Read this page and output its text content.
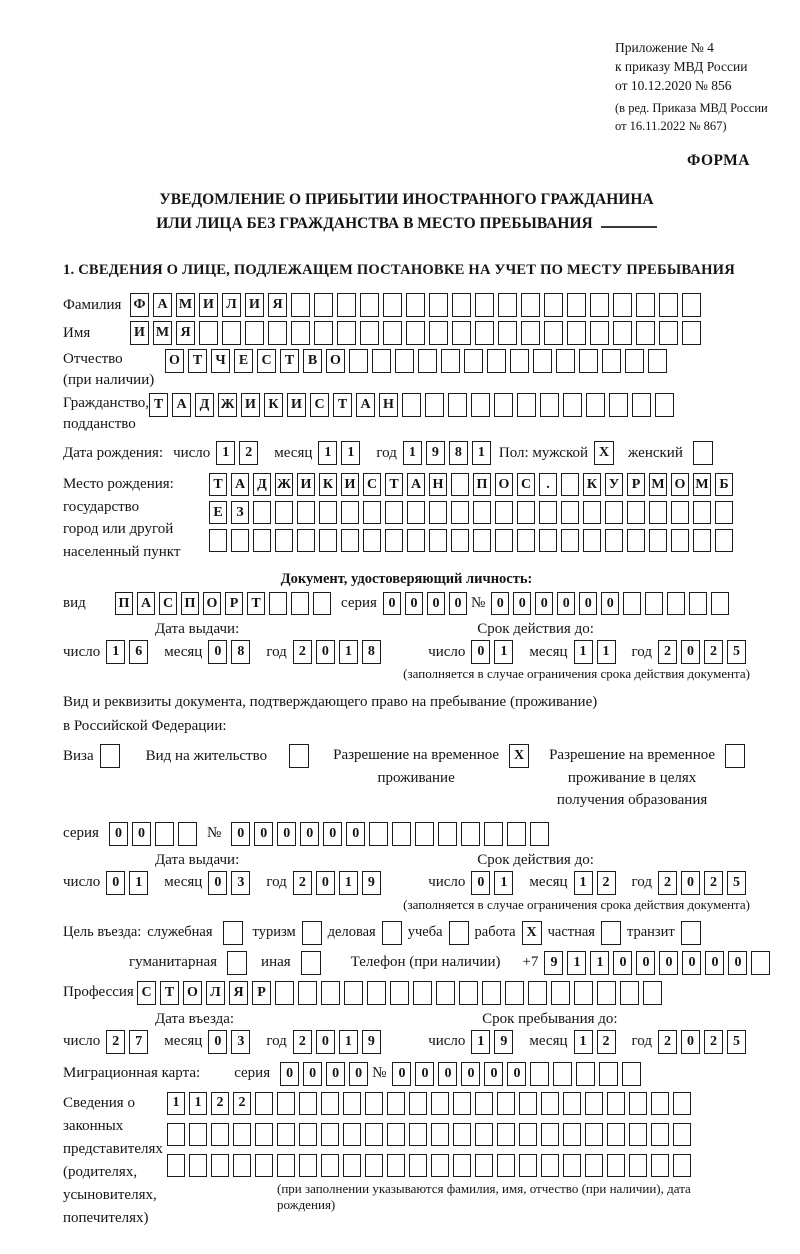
Приложение № 4
к приказу МВД России
от 10.12.2020 № 856
(в ред. Приказа МВД России
от 16.11.2022 № 867)
ФОРМА
УВЕДОМЛЕНИЕ О ПРИБЫТИИ ИНОСТРАННОГО ГРАЖДАНИНА
ИЛИ ЛИЦА БЕЗ ГРАЖДАНСТВА В МЕСТО ПРЕБЫВАНИЯ
1. СВЕДЕНИЯ О ЛИЦЕ, ПОДЛЕЖАЩЕМ ПОСТАНОВКЕ НА УЧЕТ ПО МЕСТУ ПРЕБЫВАНИЯ
Фамилия Ф А М И Л И Я
Имя	И М Я
Отчество
(при наличии)
О Т Ч Е С Т В О
Гражданство,
подданство
Т А Д Ж И К И С Т А Н
Дата рождения: число 1	2	месяц 1	1	год 1	9	8	1 Пол: мужской X	женский
Место рождения:
государство
город или другой
населенный пункт
Т А Д Ж И К И С Т А Н П О С	.	К У Р М О М Б
Е З
Документ, удостоверяющий личность:
вид	П А С П О Р Т	серия 0	0	0	0 № 0	0	0	0	0	0
Дата выдачи:	Срок действия до:
число 1	6	месяц 0	8	год 2	0	1	8	число 0	1	месяц 1	1	год 2	0	2	5
(заполняется в случае ограничения срока действия документа)
Вид и реквизиты документа, подтверждающего право на пребывание (проживание)
в Российской Федерации:
Виза	Вид на жительство	Разрешение на временное
проживание
X	Разрешение на временное
проживание в целях
получения образования
серия	0	0	№	0	0	0	0	0	0
Дата выдачи:	Срок действия до:
число 0	1	месяц 0	3	год 2	0	1	9	число 0	1	месяц 1	2	год 2	0	2	5
(заполняется в случае ограничения срока действия документа)
Цель въезда: служебная	туризм деловая учеба работа X частная транзит
гуманитарная	иная	Телефон (при наличии) +7 9	1	1	0	0	0	0	0	0
Профессия С Т О Л Я Р
Дата въезда:	Срок пребывания до:
число 2	7	месяц 0	3	год 2	0	1	9	число 1	9	месяц 1	2	год 2	0	2	5
Миграционная карта: серия	0	0	0	0 № 0	0	0	0	0	0
Сведения о
законных
представителях
(родителях,
усыновителях,
попечителях)
1	1	2	2
(при заполнении указываются фамилия, имя, отчество (при наличии), дата рождения)
